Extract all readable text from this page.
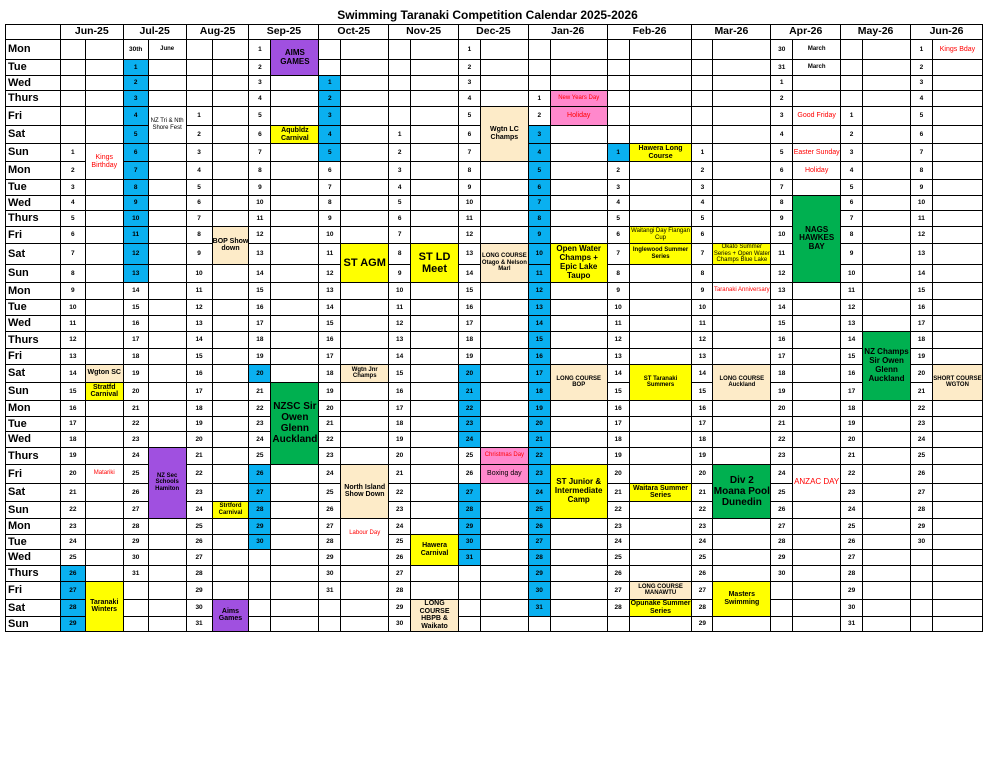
Swimming Taranaki Competition Calendar 2025-2026
	Jun-25		Jul-25		Aug-25		Sep-25		Oct-25		Nov-25		Dec-25		Jan-26		Feb-26		Mar-26		Apr-26		May-26		Jun-26	
Mon			30th	June			1	AIMS GAMES					1								30	March			1	Kings Bday
Tue			1				2						2								31	March			2	
Wed			2				3		1				3								1				3	
Thurs			3				4		2				4		1	New Years Day					2				4	
Fri			4	NZ Tri & Nth Shore Fest	1		5		3				5	Wgtn LC Champs	2	Holiday					3	Good Friday	1		5	
Sat			5		2		6	Aqubldz Carnival	4		1		6		3						4		2		6	
Sun	1	Kings Birthday	6		3		7		5		2		7		4		1	Hawera Long Course	1		5	Easter Sunday	3		7	
Mon	2		7		4		8		6		3		8		5		2		2		6	Holiday	4		8	
Tue	3		8		5		9		7		4		9		6		3		3		7		5		9	
Wed	4		9		6		10		8		5		10		7		4		4		8	NAGS HAWKES BAY	6		10	
Thurs	5		10		7		11		9		6		11		8		5		5		9		7		11	
Fri	6		11		8	BOP Show down	12		10		7		12		9		6	Waitangi Day Flangan Cup	6		10		8		12	
Sat	7		12		9		13		11	ST AGM	8	ST LD Meet	13	LONG COURSE Otago & Nelson Marl	10	Open Water Champs + Epic Lake Taupo	7	Inglewood Summer Series	7	Okato Summer Series + Open Water Champs Blue Lake	11		9		13	
Sun	8		13		10		14		12		9		14		11		8		8		12		10		14	
Mon	9		14		11		15		13		10		15		12		9		9	Taranaki Anniversary	13		11		15	
Tue	10		15		12		16		14		11		16		13		10		10		14		12		16	
Wed	11		16		13		17		15		12		17		14		11		11		15		13		17	
Thurs	12		17		14		18		16		13		18		15		12		12		16		14	NZ Champs Sir Owen Glenn Auckland	18	
Fri	13		18		15		19		17		14		19		16		13		13		17		15		19	
Sat	14	Wgton SC	19		16		20		18	Wgtn Jnr Champs	15		20		17	LONG COURSE BOP	14	ST Taranaki Summers	14	LONG COURSE Auckland	18		16		20	SHORT COURSE WGTON
Sun	15	Stratfd Carnival	20		17		21	NZSC Sir Owen Glenn Auckland	19		16		21		18		15		15		19		17		21	
Mon	16		21		18		22		20		17		22		19		16		16		20		18		22	
Tue	17		22		19		23		21		18		23		20		17		17		21		19		23	
Wed	18		23		20		24		22		19		24		21		18		18		22		20		24	
Thurs	19		24	NZ Sec Schools Hamiton	21		25		23		20		25	Christmas Day	22		19		19		23		21		25	
Fri	20	Matariki	25		22		26		24	North Island Show Down	21		26	Boxing day	23	ST Junior & Intermediate Camp	20		20	Div 2 Moana Pool Dunedin	24	ANZAC DAY	22		26	
Sat	21		26		23		27		25		22		27		24		21	Waitara Summer Series	21		25		23		27	
Sun	22		27		24	Strtford Carnival	28		26		23		28		25		22		22		26		24		28	
Mon	23		28		25		29		27	Labour Day	24		29		26		23		23		27		25		29	
Tue	24		29		26		30		28		25	Hawera Carnival	30		27		24		24		28		26		30	
Wed	25		30		27				29		26		31		28		25		25		29		27			
Thurs	26		31		28				30		27				29		26		26		30		28			
Fri	27	Taranaki Winters			29				31		28				30		27	LONG COURSE MANAWTU	27	Masters Swimming			29			
Sat	28				30	Aims Games					29	LONG COURSE HBPB & Waikato			31		28	Opunake Summer Series	28				30			
Sun	29				31						30								29				31			
